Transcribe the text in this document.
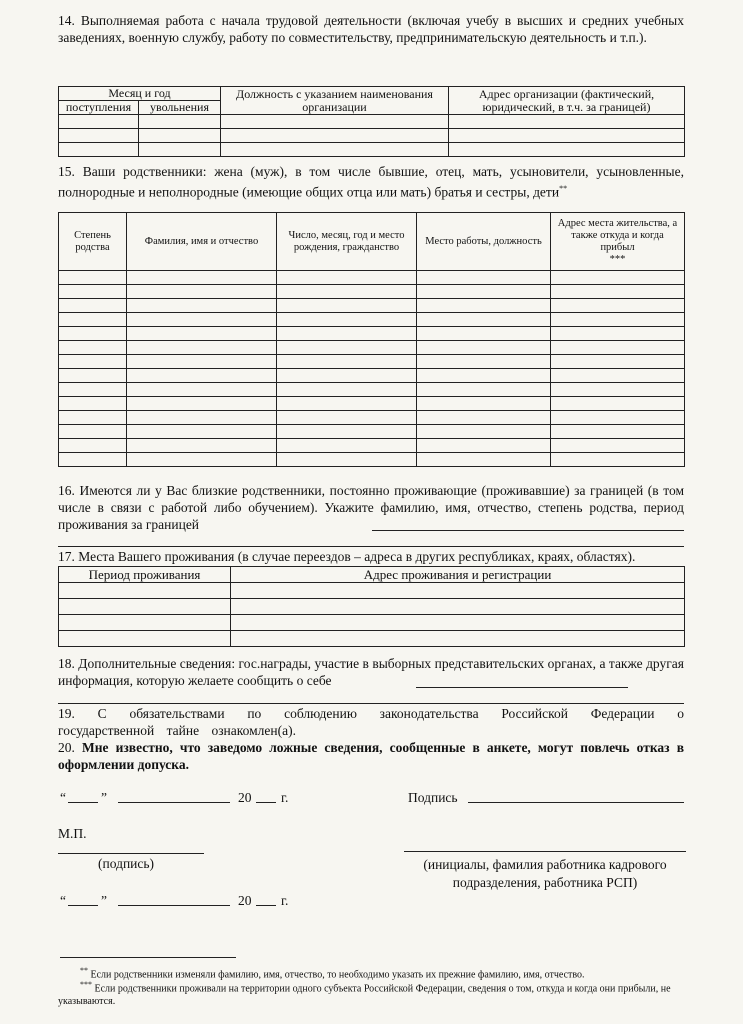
14. Выполняемая работа с начала трудовой деятельности (включая учебу в высших и средних учебных заведениях, военную службу, работу по совместительству, предпринимательскую деятельность и т.п.).
Месяц и год		Должность с указанием наименования организации	Адрес организации (фактический, юридический, в т.ч. за границей)
поступления	увольнения		

15. Ваши родственники: жена (муж), в том числе бывшие, отец, мать, усыновители, усыновленные, полнородные и неполнородные (имеющие общих отца или мать) братья и сестры, дети**
Степень родства	Фамилия, имя и отчество	Число, месяц, год и место рождения, гражданство	Место работы, должность	Адрес места жительства, а также откуда и когда прибыл
***

16. Имеются ли у Вас близкие родственники, постоянно проживающие (проживавшие) за границей (в том числе в связи с работой либо обучением). Укажите фамилию, имя, отчество, степень родства, период проживания за границей
17. Места Вашего проживания (в случае переездов – адреса в других республиках, краях, областях).
Период проживания	Адрес проживания и регистрации

18. Дополнительные сведения: гос.награды, участие в выборных представительских органах, а также другая информация, которую желаете сообщить о себе
19. С обязательствами по соблюдению законодательства Российской Федерации о государственной тайне ознакомлен(а).
20. Мне известно, что заведомо ложные сведения, сообщенные в анкете, могут повлечь отказ в оформлении допуска.
“	”	20 г.	Подпись
М.П.
(подпись)	(инициалы, фамилия работника кадрового подразделения, работника РСП)
“	”	20 г.
** Если родственники изменяли фамилию, имя, отчество, то необходимо указать их прежние фамилию, имя, отчество.
*** Если родственники проживали на территории одного субъекта Российской Федерации, сведения о том, откуда и когда они прибыли, не указываются.
